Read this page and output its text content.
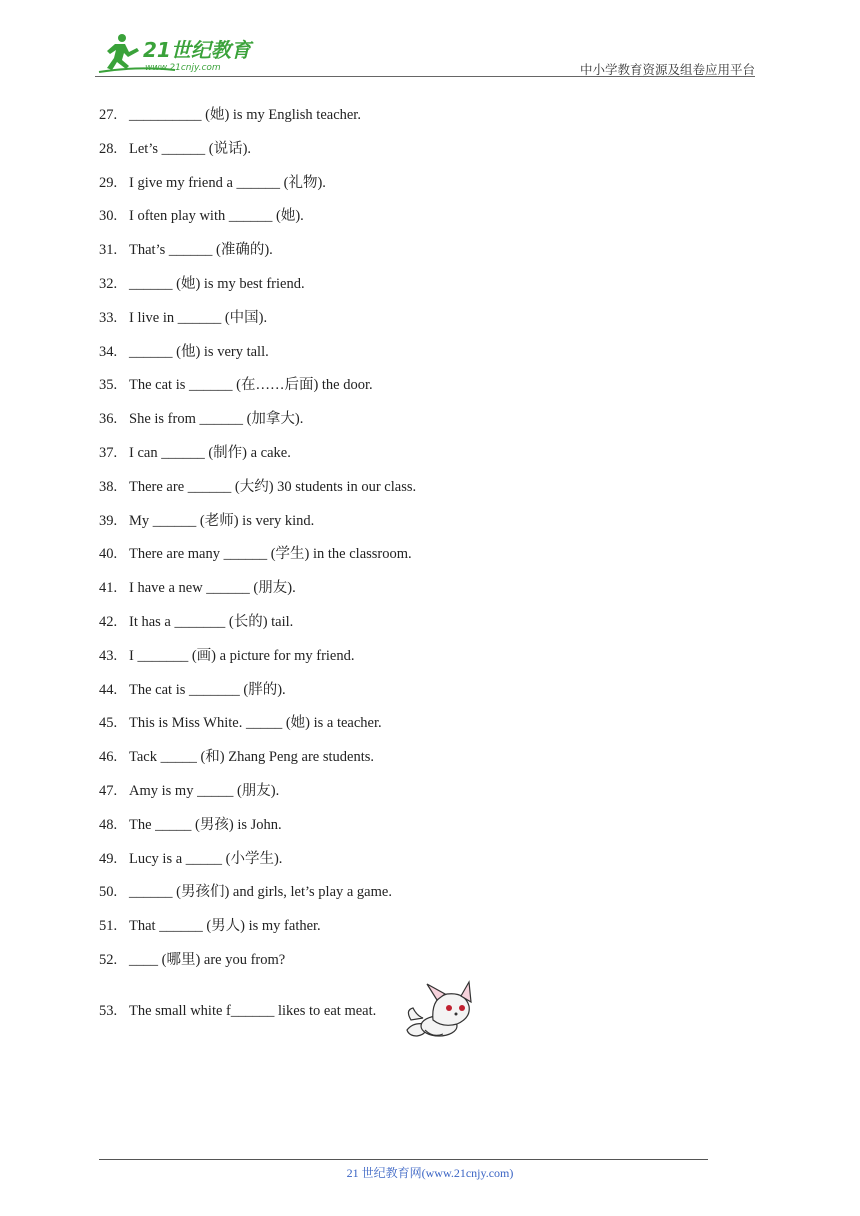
21世纪教育
www.21cnjy.com	中小学教育资源及组卷应用平台
27. __________ (她) is my English teacher.
28. Let’s ______ (说话).
29. I give my friend a ______ (礼物).
30. I often play with ______ (她).
31. That’s ______ (准确的).
32. ______ (她) is my best friend.
33. I live in ______ (中国).
34. ______ (他) is very tall.
35. The cat is ______ (在……后面) the door.
36. She is from ______ (加拿大).
37. I can ______ (制作) a cake.
38. There are ______ (大约) 30 students in our class.
39. My ______ (老师) is very kind.
40. There are many ______ (学生) in the classroom.
41. I have a new ______ (朋友).
42. It has a _______ (长的) tail.
43. I _______ (画) a picture for my friend.
44. The cat is _______ (胖的).
45. This is Miss White. _____ (她) is a teacher.
46. Tack _____ (和) Zhang Peng are students.
47. Amy is my _____ (朋友).
48. The _____ (男孩) is John.
49. Lucy is a _____ (小学生).
50. ______ (男孩们) and girls, let’s play a game.
51. That ______ (男人) is my father.
52. ____ (哪里) are you from?
53. The small white f______ likes to eat meat.
21 世纪教育网(www.21cnjy.com)
